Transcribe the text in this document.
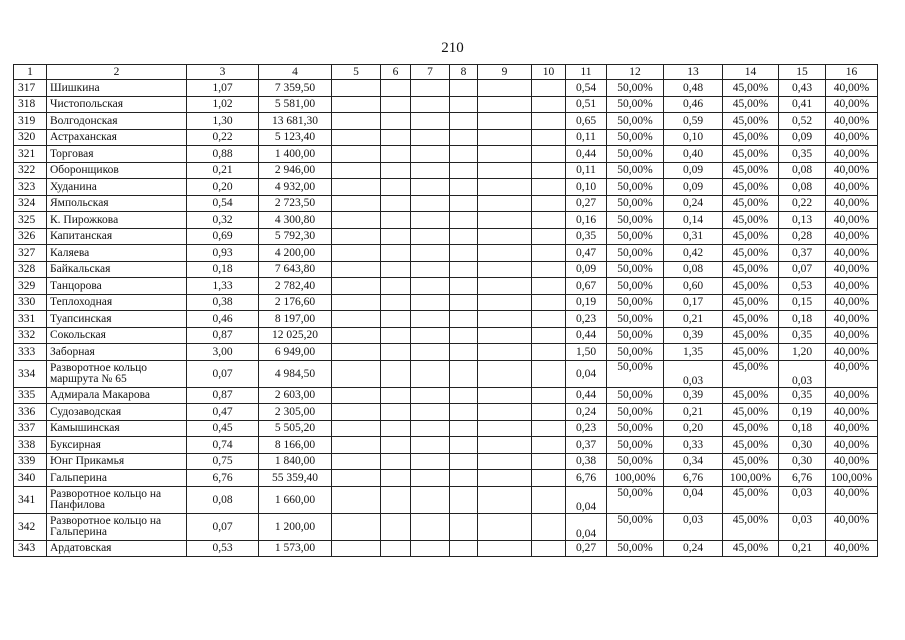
210
1	2	3	4	5	6	7	8	9	10	11	12	13	14	15	16
317	Шишкина	1,07	7 359,50							0,54	50,00%	0,48	45,00%	0,43	40,00%
318	Чистопольская	1,02	5 581,00							0,51	50,00%	0,46	45,00%	0,41	40,00%
319	Волгодонская	1,30	13 681,30							0,65	50,00%	0,59	45,00%	0,52	40,00%
320	Астраханская	0,22	5 123,40							0,11	50,00%	0,10	45,00%	0,09	40,00%
321	Торговая	0,88	1 400,00							0,44	50,00%	0,40	45,00%	0,35	40,00%
322	Оборонщиков	0,21	2 946,00							0,11	50,00%	0,09	45,00%	0,08	40,00%
323	Худанина	0,20	4 932,00							0,10	50,00%	0,09	45,00%	0,08	40,00%
324	Ямпольская	0,54	2 723,50							0,27	50,00%	0,24	45,00%	0,22	40,00%
325	К. Пирожкова	0,32	4 300,80							0,16	50,00%	0,14	45,00%	0,13	40,00%
326	Капитанская	0,69	5 792,30							0,35	50,00%	0,31	45,00%	0,28	40,00%
327	Каляева	0,93	4 200,00							0,47	50,00%	0,42	45,00%	0,37	40,00%
328	Байкальская	0,18	7 643,80							0,09	50,00%	0,08	45,00%	0,07	40,00%
329	Танцорова	1,33	2 782,40							0,67	50,00%	0,60	45,00%	0,53	40,00%
330	Теплоходная	0,38	2 176,60							0,19	50,00%	0,17	45,00%	0,15	40,00%
331	Туапсинская	0,46	8 197,00							0,23	50,00%	0,21	45,00%	0,18	40,00%
332	Сокольская	0,87	12 025,20							0,44	50,00%	0,39	45,00%	0,35	40,00%
333	Заборная	3,00	6 949,00							1,50	50,00%	1,35	45,00%	1,20	40,00%
334	Разворотное кольцо маршрута № 65	0,07	4 984,50							0,04	50,00%	0,03	45,00%	0,03	40,00%
335	Адмирала Макарова	0,87	2 603,00							0,44	50,00%	0,39	45,00%	0,35	40,00%
336	Судозаводская	0,47	2 305,00							0,24	50,00%	0,21	45,00%	0,19	40,00%
337	Камышинская	0,45	5 505,20							0,23	50,00%	0,20	45,00%	0,18	40,00%
338	Буксирная	0,74	8 166,00							0,37	50,00%	0,33	45,00%	0,30	40,00%
339	Юнг Прикамья	0,75	1 840,00							0,38	50,00%	0,34	45,00%	0,30	40,00%
340	Гальперина	6,76	55 359,40							6,76	100,00%	6,76	100,00%	6,76	100,00%
341	Разворотное кольцо на Панфилова	0,08	1 660,00							0,04	50,00%	0,04	45,00%	0,03	40,00%
342	Разворотное кольцо на Гальперина	0,07	1 200,00							0,04	50,00%	0,03	45,00%	0,03	40,00%
343	Ардатовская	0,53	1 573,00							0,27	50,00%	0,24	45,00%	0,21	40,00%
